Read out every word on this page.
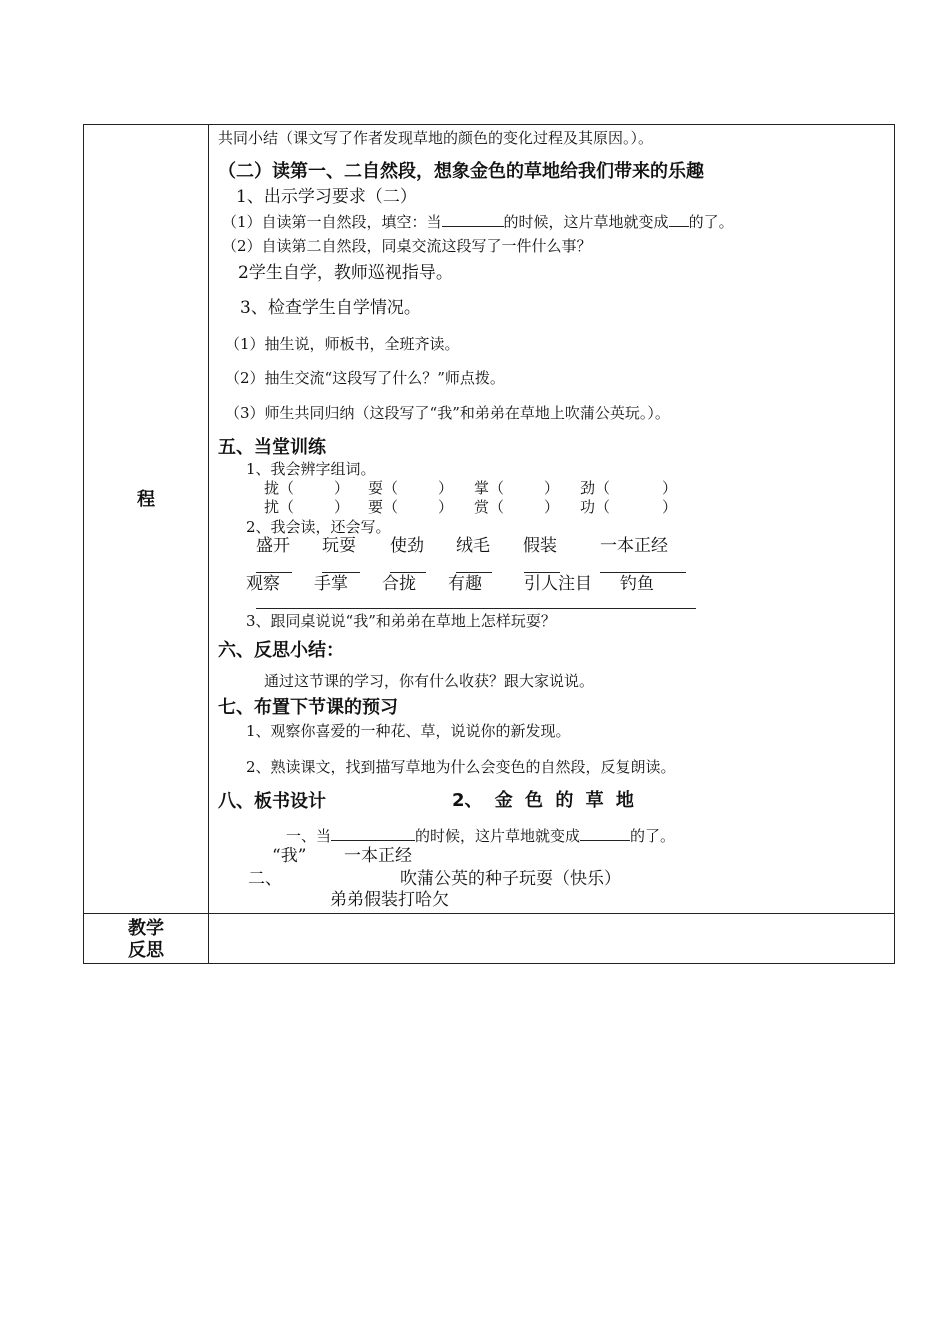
程
教学
反思
共同小结（课文写了作者发现草地的颜色的变化过程及其原因。）。
（二）读第一、二自然段，想象金色的草地给我们带来的乐趣
1、出示学习要求（二）
（1）自读第一自然段，填空：当	的时候，这片草地就变成 的了。
（2）自读第二自然段，同桌交流这段写了一件什么事？
2学生自学，教师巡视指导。
3、检查学生自学情况。
（1）抽生说，师板书，全班齐读。
（2）抽生交流“这段写了什么？”师点拨。
（3）师生共同归纳（这段写了“我”和弟弟在草地上吹蒲公英玩。）。
五、当堂训练
1、我会辨字组词。
拢（	） 耍（	） 掌（	） 劲（	）
扰（	） 要（	） 赏（	） 功（	）
2、我会读，还会写。
盛开 玩耍 使劲 绒毛 假装	一本正经
观察 手掌 合拢 有趣 引人注目 钓鱼
3、跟同桌说说“我”和弟弟在草地上怎样玩耍？
六、反思小结：
通过这节课的学习，你有什么收获？跟大家说说。
七、布置下节课的预习
1、观察你喜爱的一种花、草，说说你的新发现。
2、熟读课文，找到描写草地为什么会变色的自然段，反复朗读。
八、板书设计	2、 金 色 的 草 地
一、当	的时候，这片草地就变成	的了。
“我” 一本正经
二、	吹蒲公英的种子玩耍（快乐）
弟弟假装打哈欠
